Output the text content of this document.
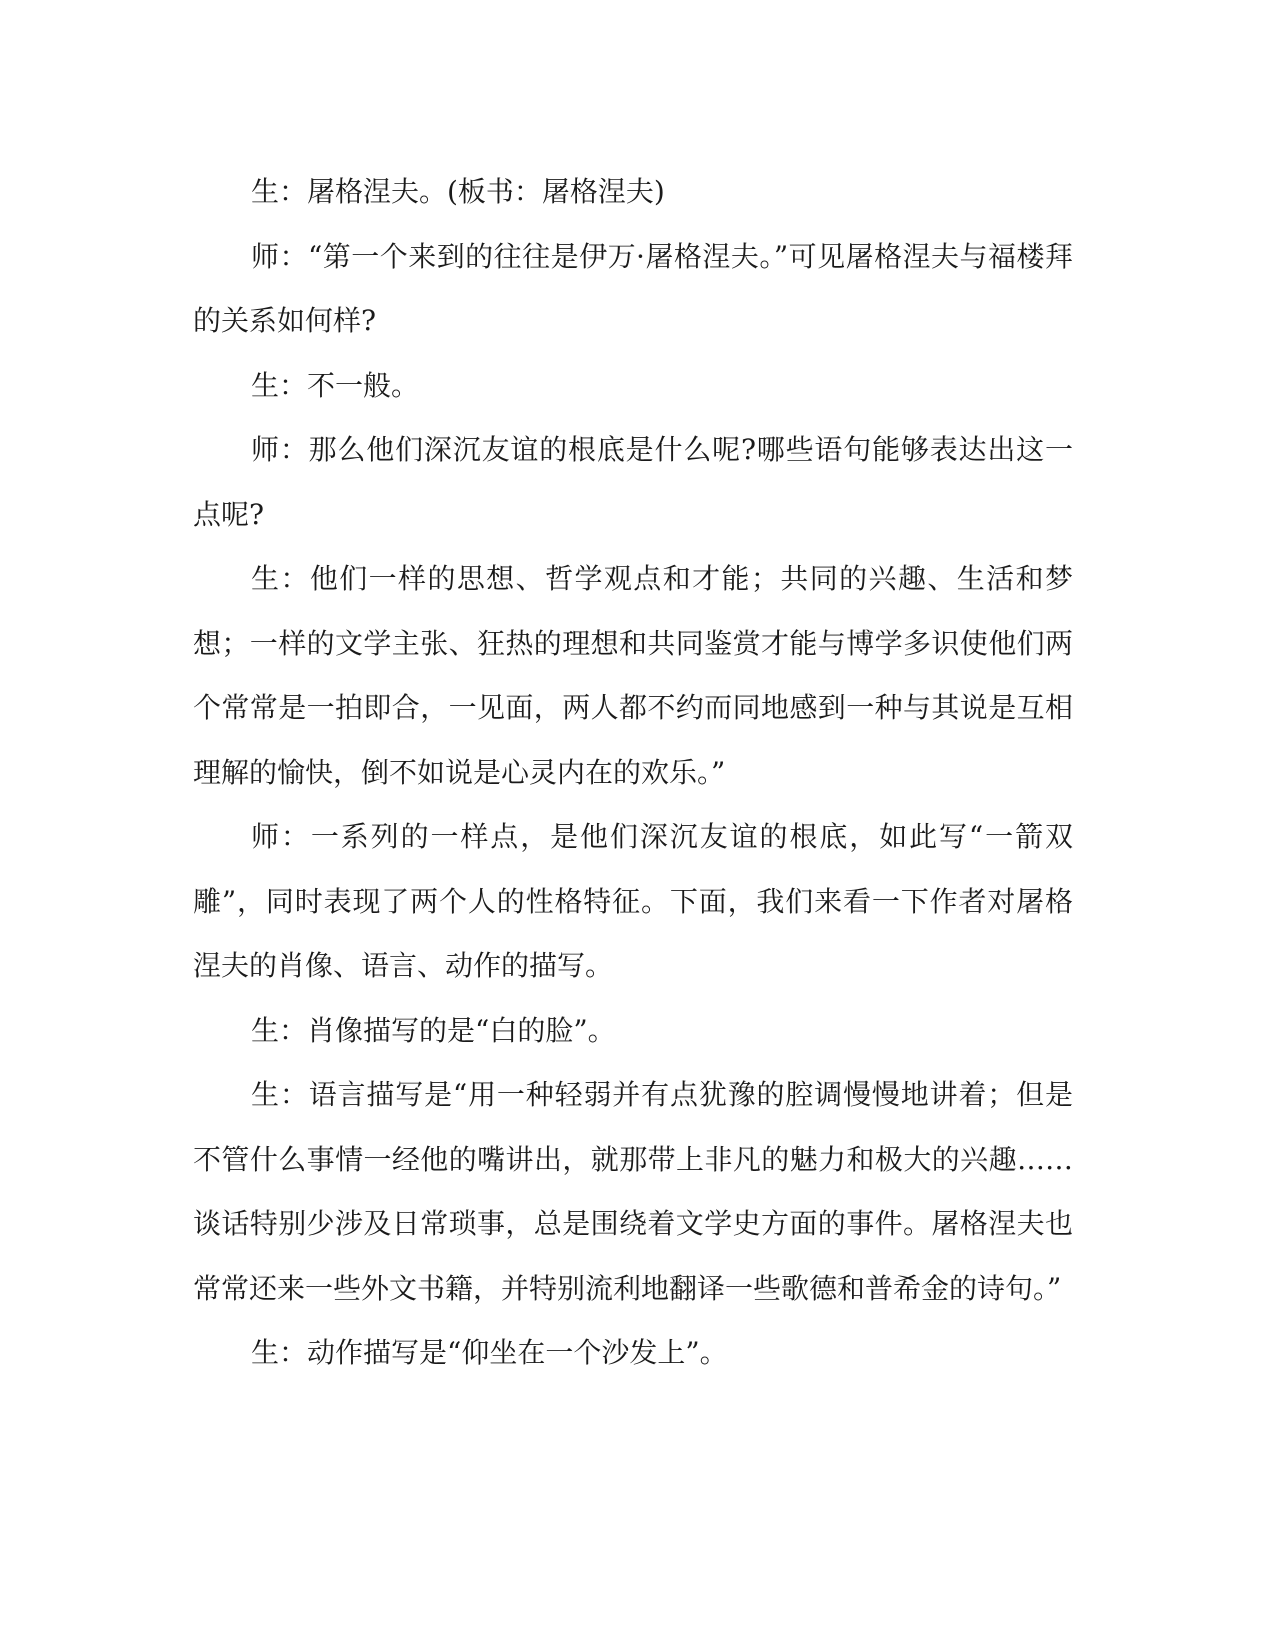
生：屠格涅夫。(板书：屠格涅夫)

师：“第一个来到的往往是伊万·屠格涅夫。”可见屠格涅夫与福楼拜的关系如何样?

生：不一般。

师：那么他们深沉友谊的根底是什么呢?哪些语句能够表达出这一点呢?

生：他们一样的思想、哲学观点和才能；共同的兴趣、生活和梦想；一样的文学主张、狂热的理想和共同鉴赏才能与博学多识使他们两个常常是一拍即合，一见面，两人都不约而同地感到一种与其说是互相理解的愉快，倒不如说是心灵内在的欢乐。”

师：一系列的一样点，是他们深沉友谊的根底，如此写“一箭双雕”，同时表现了两个人的性格特征。下面，我们来看一下作者对屠格涅夫的肖像、语言、动作的描写。

生：肖像描写的是“白的脸”。

生：语言描写是“用一种轻弱并有点犹豫的腔调慢慢地讲着；但是不管什么事情一经他的嘴讲出，就那带上非凡的魅力和极大的兴趣……谈话特别少涉及日常琐事，总是围绕着文学史方面的事件。屠格涅夫也常常还来一些外文书籍，并特别流利地翻译一些歌德和普希金的诗句。”

生：动作描写是“仰坐在一个沙发上”。
